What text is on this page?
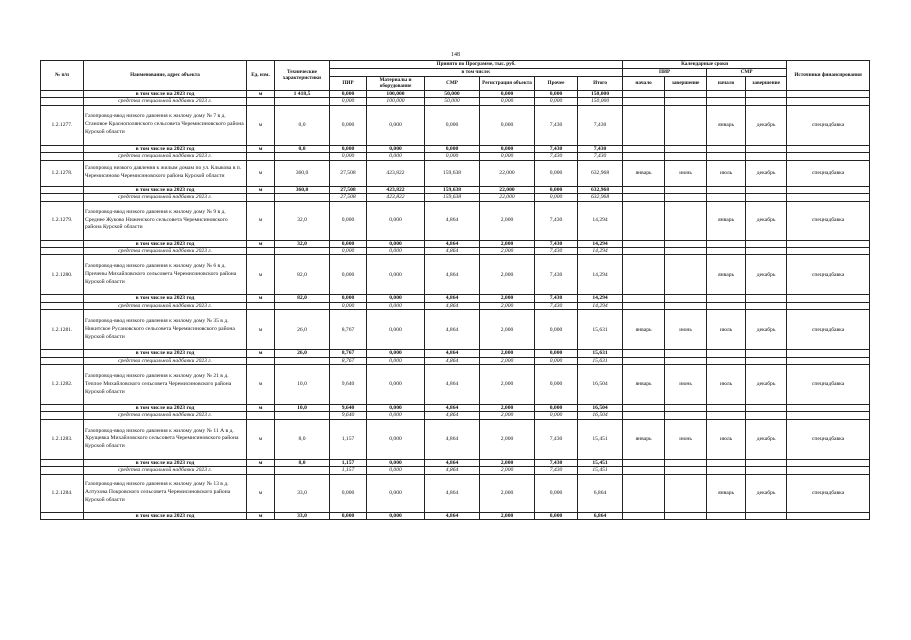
148
№ п/п	Наименование, адрес объекта	Ед. изм.	Технические характеристики	Принято по Программе, тыс. руб.						Календарные сроки				Источники финансирования
				в том числе:						ПИР		СМР		
				ПИР	Материалы и оборудование	СМР	Регистрация объекта	Прочее	Итого	начало	завершение	начало	завершение	
	в том числе на 2023 год	м	1 418,5	0,000	100,000	50,000	0,000	0,000	150,000					
	средства специальной надбавки 2023 г.			0,000	100,000	50,000	0,000	0,000	150,000					
1.2.1277.	Газопровод-ввод низкого давления к жилому дому № 7 в д. Становое Краснополянского сельсовета Черемисиновского района Курской области	м	0,0	0,000	0,000	0,000	0,000	7,430	7,430			январь	декабрь	спецнадбавка
	в том числе на 2023 год	м	0,0	0,000	0,000	0,000	0,000	7,430	7,430					
	средства специальной надбавки 2023 г.			0,000	0,000	0,000	0,000	7,430	7,430					
1.2.1278.	Газопровод низкого давления к жилым домам по ул. Клыкова в п. Черемисиново Черемисиновского района Курской области	м	360,0	27,508	423,822	159,638	22,000	0,000	632,968	январь	июнь	июль	декабрь	спецнадбавка
	в том числе на 2023 год	м	360,0	27,508	423,822	159,638	22,000	0,000	632,968					
	средства специальной надбавки 2023 г.			27,508	423,822	159,638	22,000	0,000	632,968					
1.2.1279.	Газопровод-ввод низкого давления к жилому дому № 9 в д. Среднее Жуково Ниженского сельсовета Черемисиновского района Курской области	м	32,0	0,000	0,000	4,864	2,000	7,430	14,294			январь	декабрь	спецнадбавка
	в том числе на 2023 год	м	32,0	0,000	0,000	4,864	2,000	7,430	14,294					
	средства специальной надбавки 2023 г.			0,000	0,000	4,864	2,000	7,430	14,294					
1.2.1280.	Газопровод-ввод низкого давления к жилому дому № 6 в д. Причены Михайловского сельсовета Черемисиновского района Курской области	м	82,0	0,000	0,000	4,864	2,000	7,430	14,294			январь	декабрь	спецнадбавка
	в том числе на 2023 год	м	82,0	0,000	0,000	4,864	2,000	7,430	14,294					
	средства специальной надбавки 2023 г.			0,000	0,000	4,864	2,000	7,430	14,294					
1.2.1281.	Газопровод-ввод низкого давления к жилому дому № 35 в д. Никитское Русановского сельсовета Черемисиновского района Курской области	м	26,0	8,767	0,000	4,864	2,000	0,000	15,631	январь	июнь	июль	декабрь	спецнадбавка
	в том числе на 2023 год	м	26,0	8,767	0,000	4,864	2,000	0,000	15,631					
	средства специальной надбавки 2023 г.			8,767	0,000	4,864	2,000	0,000	15,631					
1.2.1282.	Газопровод-ввод низкого давления к жилому дому № 21 в д. Теплое Михайловского сельсовета Черемисиновского района Курской области	м	10,0	9,640	0,000	4,864	2,000	0,000	16,504	январь	июнь	июль	декабрь	спецнадбавка
	в том числе на 2023 год	м	10,0	9,640	0,000	4,864	2,000	0,000	16,504					
	средства специальной надбавки 2023 г.			9,640	0,000	4,864	2,000	0,000	16,504					
1.2.1283.	Газопровод-ввод низкого давления к жилому дому № 11 А в д. Хрущевка Михайловского сельсовета Черемисиновского района Курской области	м	8,0	1,157	0,000	4,864	2,000	7,430	15,451	январь	июнь	июль	декабрь	спецнадбавка
	в том числе на 2023 год	м	8,0	1,157	0,000	4,864	2,000	7,430	15,451					
	средства специальной надбавки 2023 г.			1,157	0,000	4,864	2,000	7,430	15,451					
1.2.1284.	Газопровод-ввод низкого давления к жилому дому № 13 в д. Алтухова Покровского сельсовета Черемисиновского района Курской области	м	33,0	0,000	0,000	4,864	2,000	0,000	6,864			январь	декабрь	спецнадбавка
	в том числе на 2023 год	м	33,0	0,000	0,000	4,864	2,000	0,000	6,864					
